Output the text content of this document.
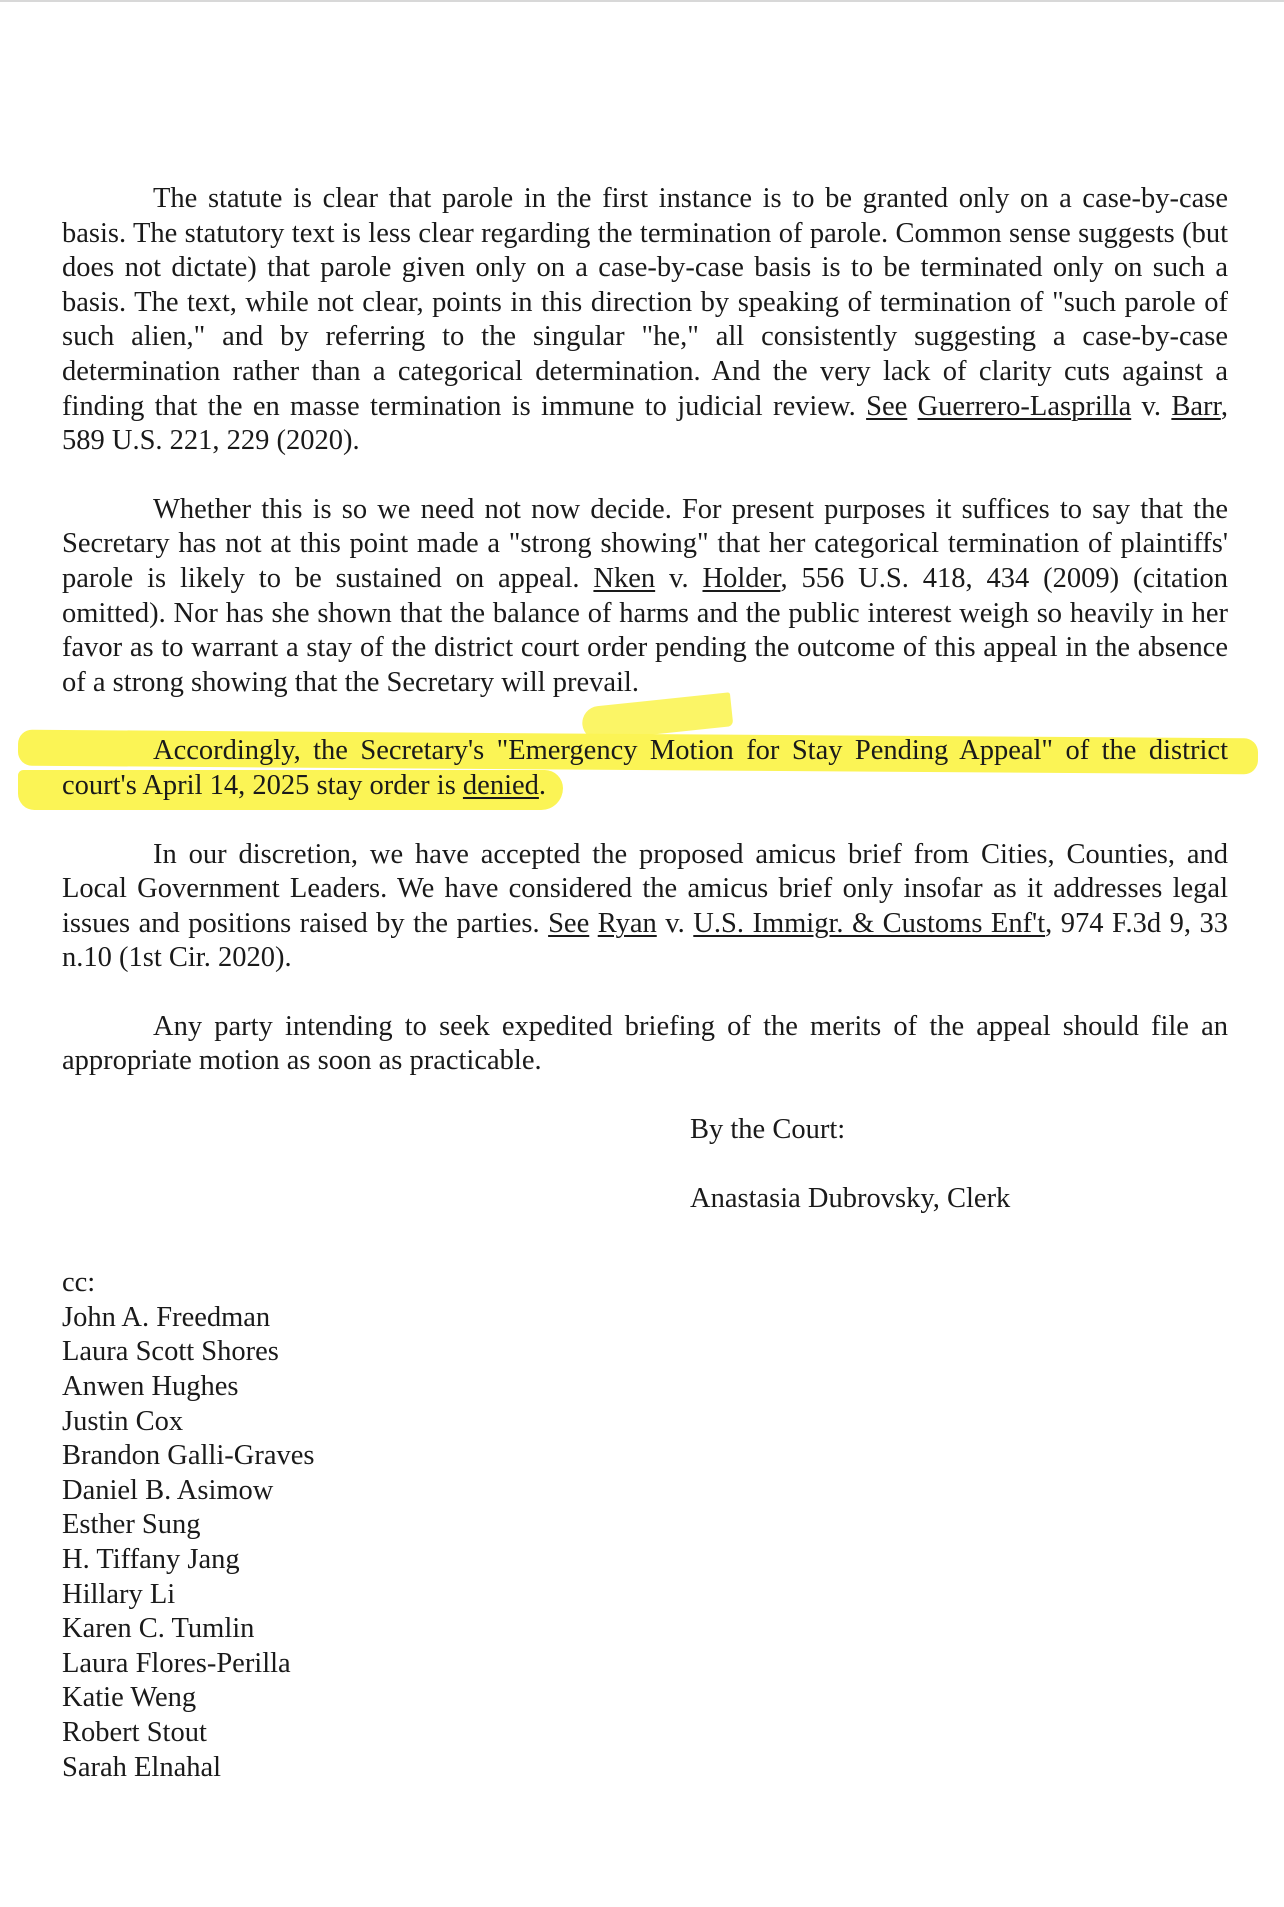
The statute is clear that parole in the first instance is to be granted only on a case-by-case basis. The statutory text is less clear regarding the termination of parole. Common sense suggests (but does not dictate) that parole given only on a case-by-case basis is to be terminated only on such a basis. The text, while not clear, points in this direction by speaking of termination of "such parole of such alien," and by referring to the singular "he," all consistently suggesting a case-by-case determination rather than a categorical determination. And the very lack of clarity cuts against a finding that the en masse termination is immune to judicial review. See Guerrero-Lasprilla v. Barr, 589 U.S. 221, 229 (2020).

Whether this is so we need not now decide. For present purposes it suffices to say that the Secretary has not at this point made a "strong showing" that her categorical termination of plaintiffs' parole is likely to be sustained on appeal. Nken v. Holder, 556 U.S. 418, 434 (2009) (citation omitted). Nor has she shown that the balance of harms and the public interest weigh so heavily in her favor as to warrant a stay of the district court order pending the outcome of this appeal in the absence of a strong showing that the Secretary will prevail.

Accordingly, the Secretary's "Emergency Motion for Stay Pending Appeal" of the district court's April 14, 2025 stay order is denied.

In our discretion, we have accepted the proposed amicus brief from Cities, Counties, and Local Government Leaders. We have considered the amicus brief only insofar as it addresses legal issues and positions raised by the parties. See Ryan v. U.S. Immigr. & Customs Enf't, 974 F.3d 9, 33 n.10 (1st Cir. 2020).

Any party intending to seek expedited briefing of the merits of the appeal should file an appropriate motion as soon as practicable.

By the Court:
Anastasia Dubrovsky, Clerk
cc:
John A. Freedman
Laura Scott Shores
Anwen Hughes
Justin Cox
Brandon Galli-Graves
Daniel B. Asimow
Esther Sung
H. Tiffany Jang
Hillary Li
Karen C. Tumlin
Laura Flores-Perilla
Katie Weng
Robert Stout
Sarah Elnahal
